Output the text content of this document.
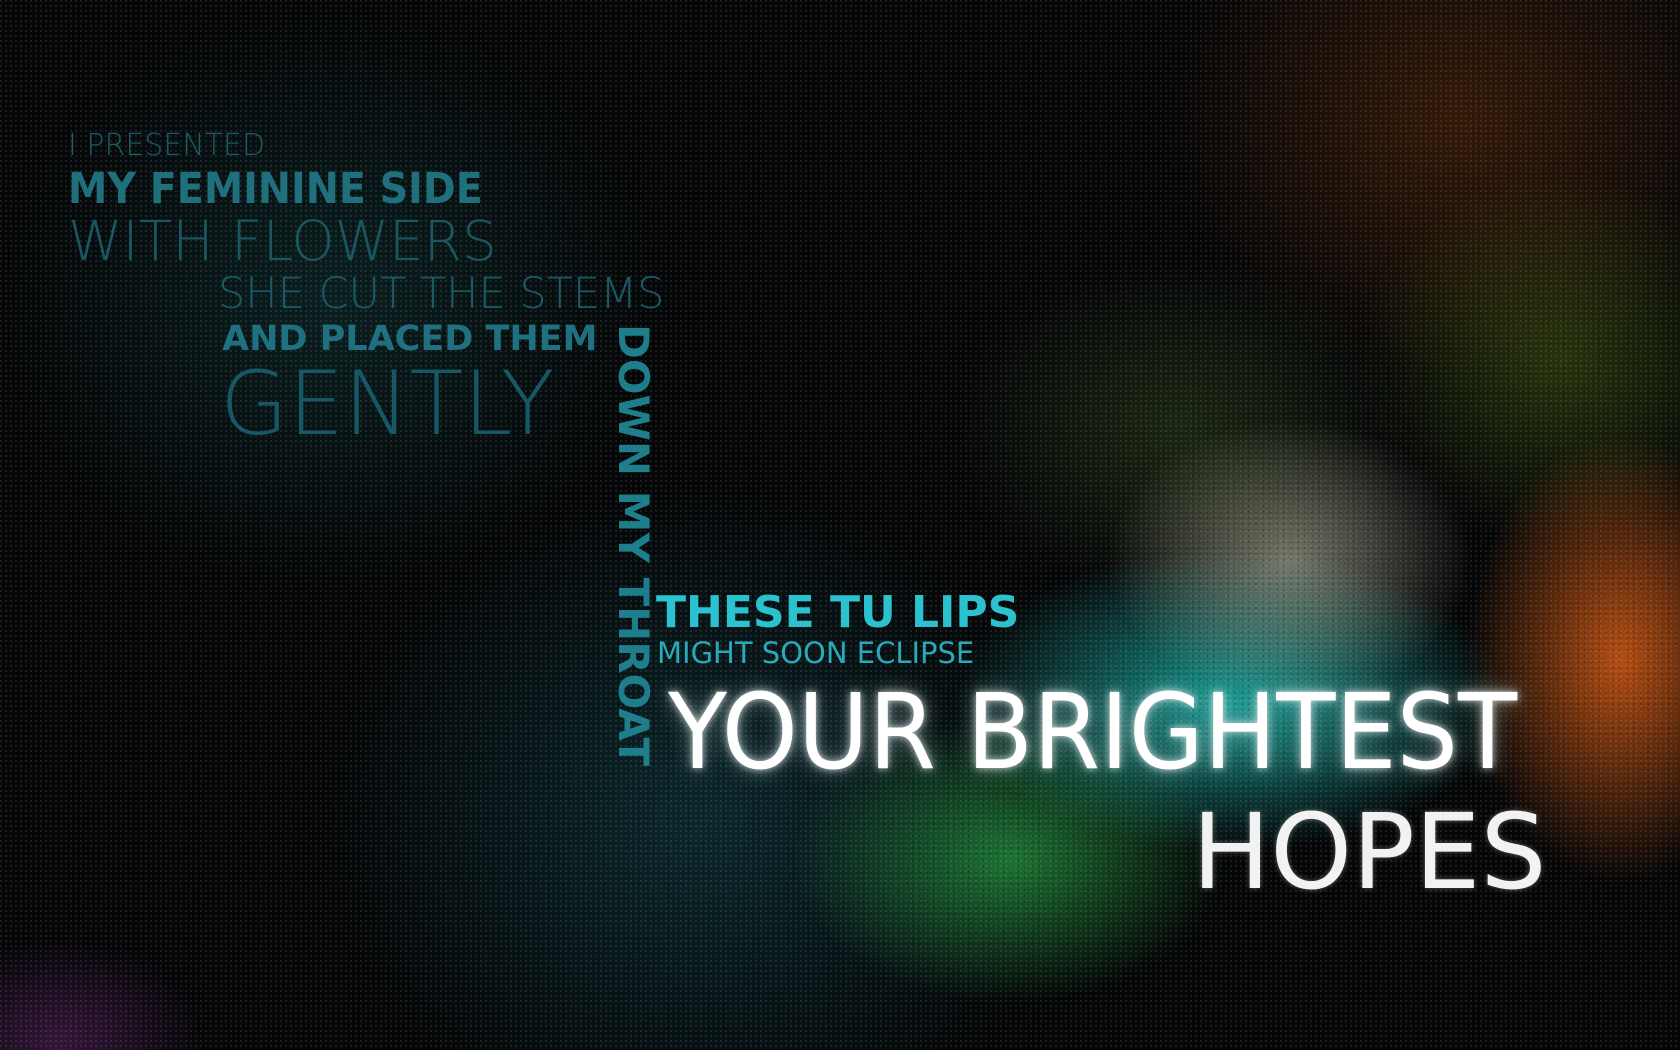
I PRESENTED

MY FEMININE SIDE

WITH FLOWERS

SHE CUT THE STEMS

AND PLACED THEM

GENTLY DOWN MY THROAT

THESE TU LIPS

MIGHT SOON ECLIPSE

YOUR BRIGHTEST

HOPES
